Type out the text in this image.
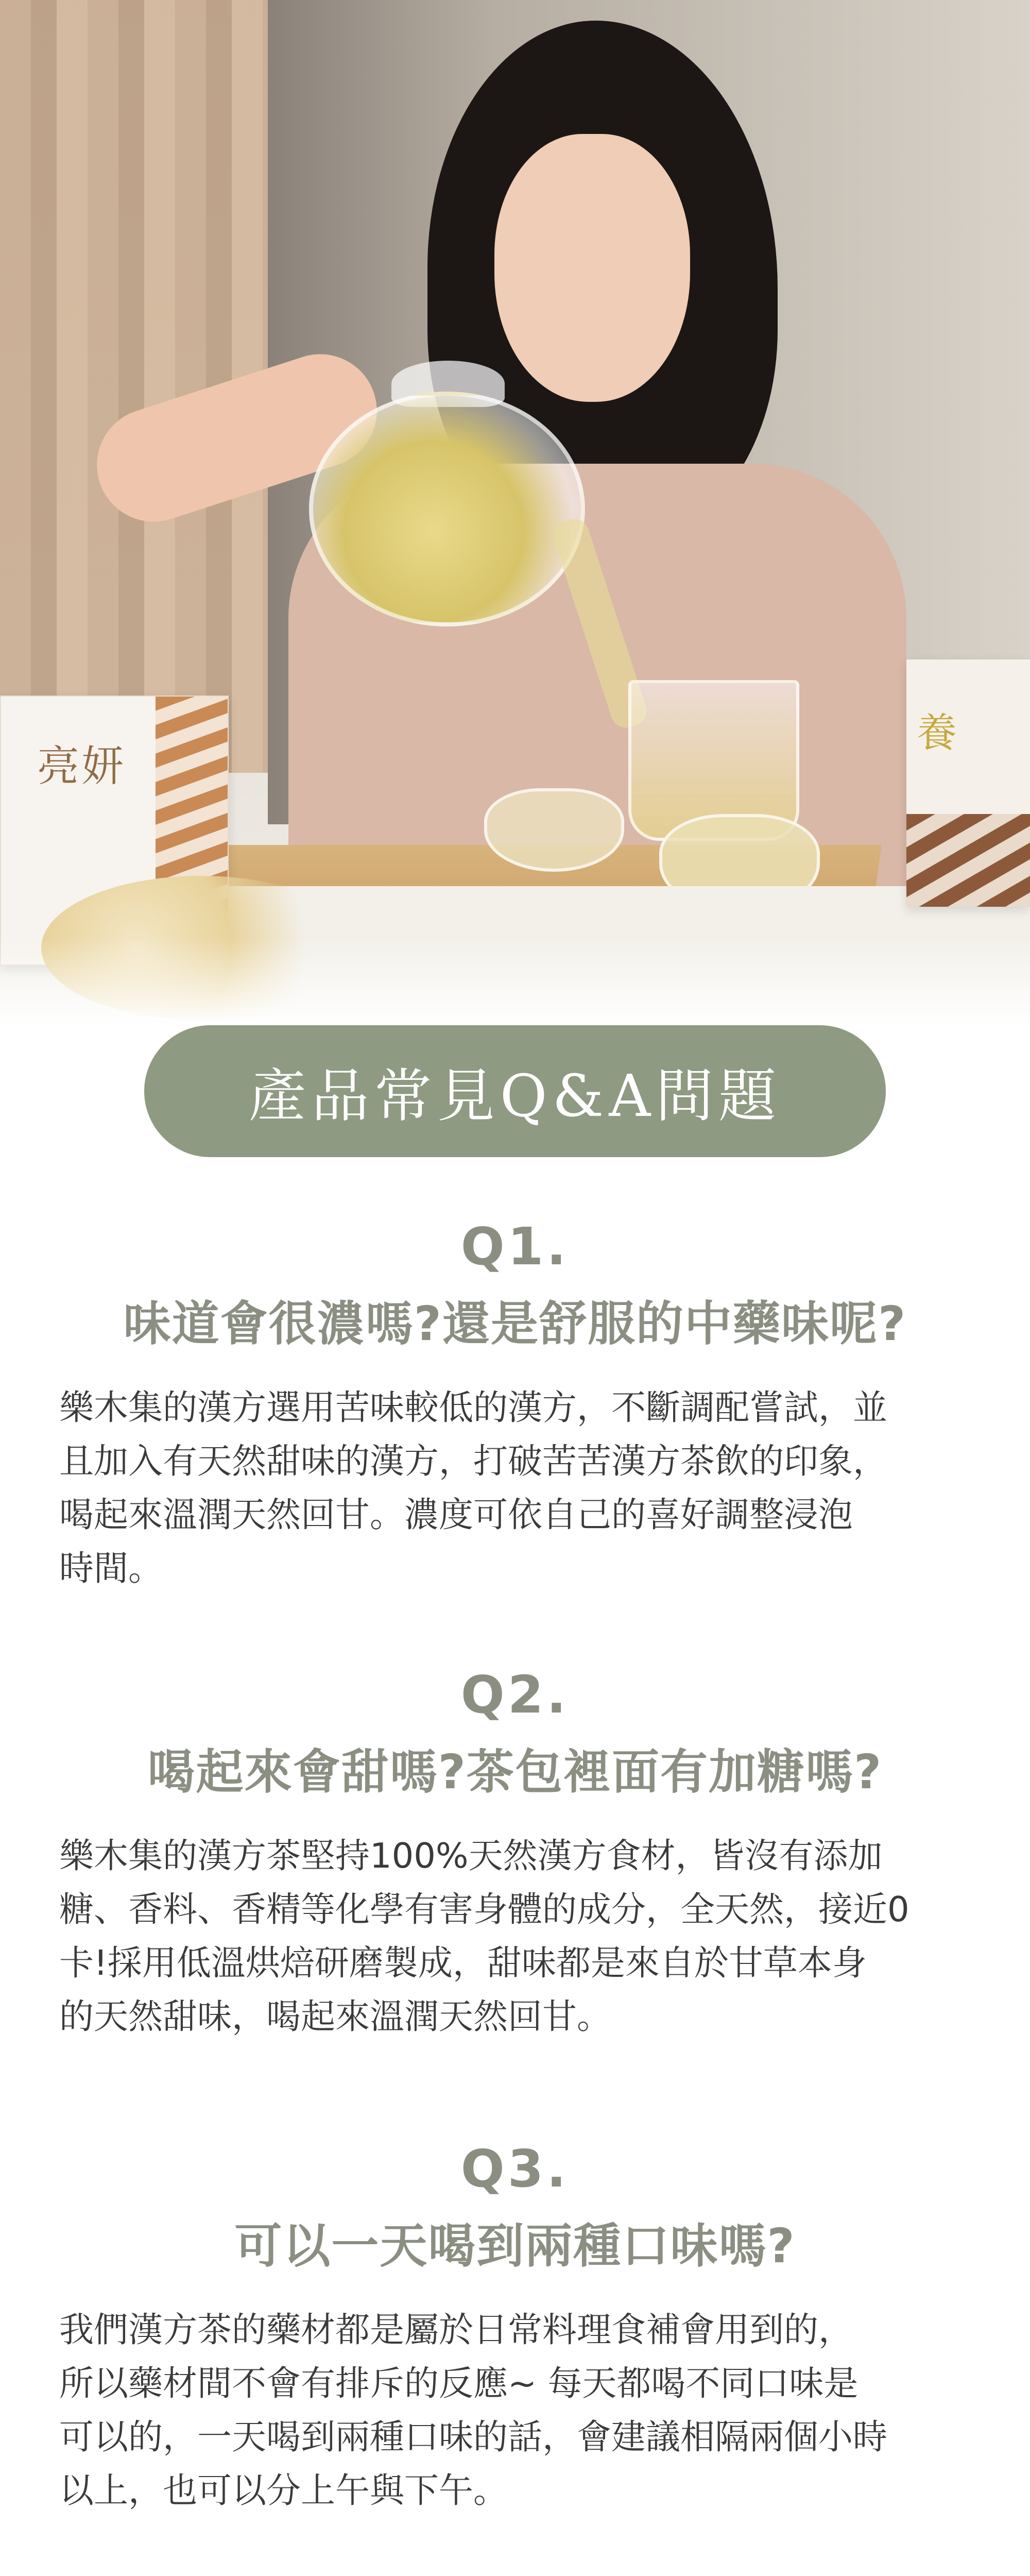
亮妍
養
產品常見Q&A問題
Q1.
味道會很濃嗎?還是舒服的中藥味呢?
樂木集的漢方選用苦味較低的漢方，不斷調配嘗試，並
且加入有天然甜味的漢方，打破苦苦漢方茶飲的印象，
喝起來溫潤天然回甘。濃度可依自己的喜好調整浸泡
時間。
Q2.
喝起來會甜嗎?茶包裡面有加糖嗎?
樂木集的漢方茶堅持100%天然漢方食材，皆沒有添加
糖、香料、香精等化學有害身體的成分，全天然，接近0
卡!採用低溫烘焙研磨製成，甜味都是來自於甘草本身
的天然甜味，喝起來溫潤天然回甘。
Q3.
可以一天喝到兩種口味嗎?
我們漢方茶的藥材都是屬於日常料理食補會用到的，
所以藥材間不會有排斥的反應~ 每天都喝不同口味是
可以的，一天喝到兩種口味的話，會建議相隔兩個小時
以上，也可以分上午與下午。
